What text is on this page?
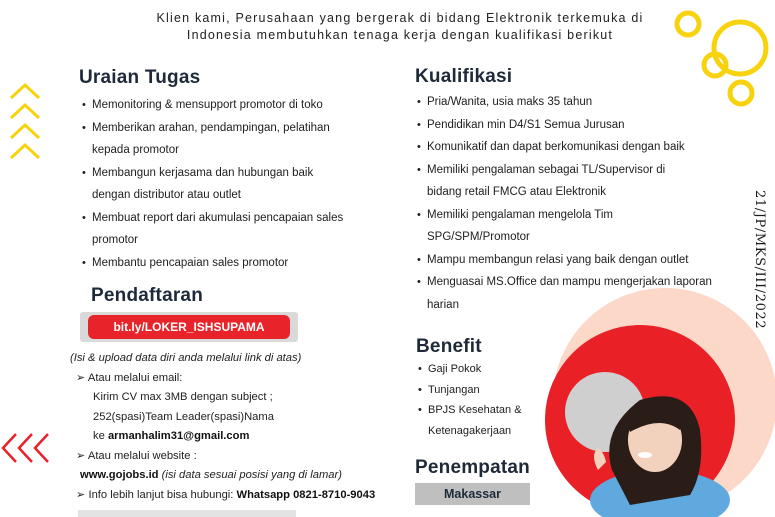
Klien kami, Perusahaan yang bergerak di bidang Elektronik terkemuka di
Indonesia membutuhkan tenaga kerja dengan kualifikasi berikut
Uraian Tugas
• Memonitoring & mensupport promotor di toko
• Memberikan arahan, pendampingan, pelatihan kepada promotor
• Membangun kerjasama dan hubungan baik dengan distributor atau outlet
• Membuat report dari akumulasi pencapaian sales promotor
• Membantu pencapaian sales promotor
Pendaftaran
bit.ly/LOKER_ISHSUPAMA
(Isi & upload data diri anda melalui link di atas)
➢ Atau melalui email:
Kirim CV max 3MB dengan subject ;
252(spasi)Team Leader(spasi)Nama
ke armanhalim31@gmail.com
➢ Atau melalui website :
www.gojobs.id (isi data sesuai posisi yang di lamar)
➢ Info lebih lanjut bisa hubungi: Whatsapp 0821-8710-9043
Kualifikasi
• Pria/Wanita, usia maks 35 tahun
• Pendidikan min D4/S1 Semua Jurusan
• Komunikatif dan dapat berkomunikasi dengan baik
• Memiliki pengalaman sebagai TL/Supervisor di bidang retail FMCG atau Elektronik
• Memiliki pengalaman mengelola Tim SPG/SPM/Promotor
• Mampu membangun relasi yang baik dengan outlet
• Menguasai MS.Office dan mampu mengerjakan laporan harian
Benefit
• Gaji Pokok
• Tunjangan
• BPJS Kesehatan & Ketenagakerjaan
Penempatan
Makassar
21/JP/MKS/III/2022
